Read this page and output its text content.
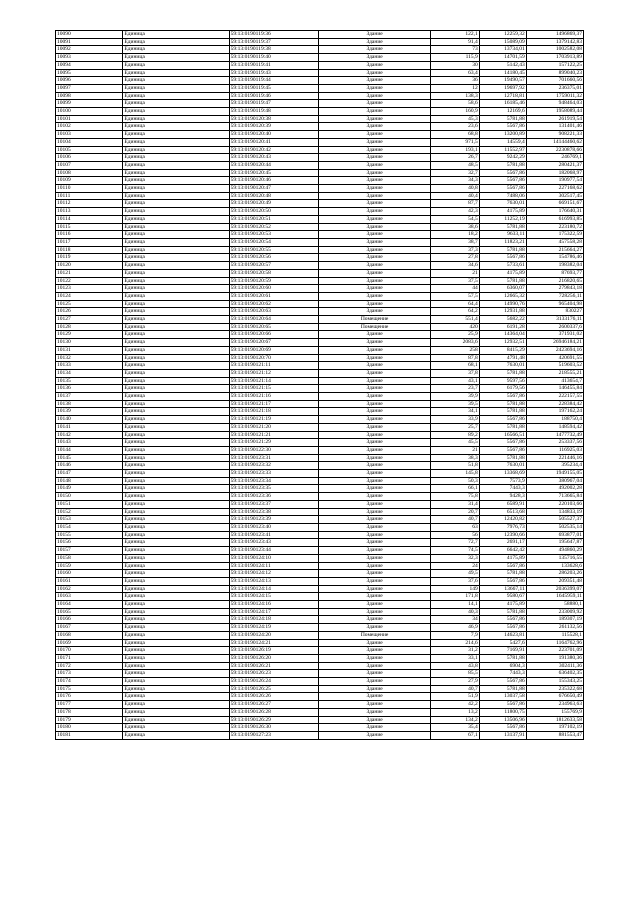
10090	Единица	59:13:0190119:36	Здание	122,1	12259,32	1496869,37
10091	Единица	59:13:0190119:37	Здание	91,4	15089,09	1379142,83
10092	Единица	59:13:0190119:38	Здание	73	13734,01	1002582,08
10093	Единица	59:13:0190119:40	Здание	115,9	14701,59	1703913,89
10094	Единица	59:13:0190119:41	Здание	30	5142,43	157122,25
10095	Единица	59:13:0190119:43	Здание	63,4	14180,45	899040,23
10096	Единица	59:13:0190119:44	Здание	36	19490,57	701660,56
10097	Единица	59:13:0190119:45	Здание	12	19697,92	236375,01
10098	Единица	59:13:0190119:46	Здание	138,3	12718,81	1759011,32
10099	Единица	59:13:0190119:47	Здание	58,6	16185,46	948464,03
10100	Единица	59:13:0190119:48	Здание	160,9	12169,6	1958089,44
10101	Единица	59:13:0190120:38	Здание	45,3	5781,88	261919,54
10102	Единица	59:13:0190120:39	Здание	23,6	5567,86	131401,46
10103	Единица	59:13:0190120:40	Здание	68,8	13200,89	908221,33
10104	Единица	59:13:0190120:41	Здание	971,5	14559,4	14144460,62
10105	Единица	59:13:0190120:42	Здание	193,1	11552,97	2230878,66
10106	Единица	59:13:0190120:43	Здание	26,7	9242,29	246769,1
10107	Единица	59:13:0190120:44	Здание	48,5	5781,88	280421,37
10108	Единица	59:13:0190120:45	Здание	32,7	5567,86	182068,97
10109	Единица	59:13:0190120:46	Здание	34,3	5567,86	190977,54
10110	Единица	59:13:0190120:47	Здание	40,8	5567,86	227168,62
10111	Единица	59:13:0190120:48	Здание	40,4	7488,06	302517,45
10112	Единица	59:13:0190120:49	Здание	87,7	7630,01	669151,67
10113	Единица	59:13:0190120:50	Здание	42,3	4175,89	176640,31
10114	Единица	59:13:0190120:51	Здание	54,5	11252,19	616993,85
10115	Единица	59:13:0190120:52	Здание	38,6	5781,88	223180,72
10116	Единица	59:13:0190120:53	Здание	18,2	9633,11	175322,59
10117	Единица	59:13:0190120:54	Здание	38,7	11823,21	457558,28
10118	Единица	59:13:0190120:55	Здание	37,3	5781,88	215664,27
10119	Единица	59:13:0190120:56	Здание	27,8	5567,86	154786,46
10120	Единица	59:13:0190120:57	Здание	34,6	5733,61	198382,04
10121	Единица	59:13:0190120:58	Здание	21	4175,89	87693,77
10122	Единица	59:13:0190120:59	Здание	37,5	5781,88	216820,65
10123	Единица	59:13:0190120:60	Здание	44	6360,07	279843,18
10124	Единица	59:13:0190120:61	Здание	57,5	12665,32	728256,11
10125	Единица	59:13:0190120:62	Здание	64,4	14990,76	965404,98
10126	Единица	59:13:0190120:63	Здание	64,2	12931,88	830227
10127	Единица	59:13:0190120:64	Помещение	551,4	5682,22	3133176,11
10128	Единица	59:13:0190120:65	Помещение	420	6191,28	2600337,6
10129	Единица	59:13:0190120:66	Здание	25,9	14364,04	371931,02
10130	Единица	59:13:0190120:67	Здание	2083,6	12932,51	26946184,21
10131	Единица	59:13:0190120:69	Здание	258	8415,29	2423694,16
10132	Единица	59:13:0190120:70	Здание	87,8	4791,48	420691,55
10133	Единица	59:13:0190121:11	Здание	68,1	7630,01	519603,52
10134	Единица	59:13:0190121:12	Здание	37,8	5781,88	218555,21
10135	Единица	59:13:0190121:14	Здание	43,1	9597,56	413654,7
10136	Единица	59:13:0190121:15	Здание	23,7	6179,56	146455,84
10137	Единица	59:13:0190121:16	Здание	39,9	5567,86	222157,55
10138	Единица	59:13:0190121:17	Здание	39,5	5781,88	228384,42
10139	Единица	59:13:0190121:18	Здание	34,1	5781,88	197162,24
10140	Единица	59:13:0190121:19	Здание	33,9	5567,86	188750,4
10141	Единица	59:13:0190121:20	Здание	25,7	5781,88	148594,42
10142	Единица	59:13:0190121:21	Здание	89,2	16566,51	1477732,49
10143	Единица	59:13:0190121:29	Здание	45,5	5567,86	253337,56
10144	Единица	59:13:0190122:30	Здание	21	5567,86	116925,03
10145	Единица	59:13:0190123:31	Здание	38,3	5781,88	221446,16
10146	Единица	59:13:0190123:32	Здание	51,8	7630,01	395234,4
10147	Единица	59:13:0190123:33	Здание	145,8	13368,69	1949155,05
10148	Единица	59:13:0190123:34	Здание	50,3	7573,9	380967,04
10149	Единица	59:13:0190123:35	Здание	66,1	7443,3	492002,28
10150	Единица	59:13:0190123:36	Здание	75,8	9428,3	713665,84
10151	Единица	59:13:0190123:37	Здание	31,4	6589,91	220103,66
10152	Единица	59:13:0190123:38	Здание	20,7	6513,68	134833,19
10153	Единица	59:13:0190123:39	Здание	40,7	12420,82	505527,37
10154	Единица	59:13:0190123:40	Здание	63	7976,73	502535,14
10155	Единица	59:13:0190123:41	Здание	56	12390,66	693877,01
10156	Единица	59:13:0190123:43	Здание	72,7	2691,17	195647,87
10157	Единица	59:13:0190123:44	Здание	74,5	6642,42	494860,29
10158	Единица	59:13:0190124:10	Здание	32,3	4175,89	135716,55
10159	Единица	59:13:0190124:11	Здание	24	5567,86	133628,6
10160	Единица	59:13:0190124:12	Здание	49,5	5781,88	286203,26
10161	Единица	59:13:0190124:13	Здание	37,6	5567,86	209351,48
10162	Единица	59:13:0190124:14	Здание	149	13667,11	2036399,07
10163	Единица	59:13:0190124:15	Здание	171,8	9580,67	1645959,11
10164	Единица	59:13:0190124:16	Здание	14,1	4175,89	58880,1
10165	Единица	59:13:0190124:17	Здание	40,3	5781,88	233009,92
10166	Единица	59:13:0190124:18	Здание	34	5567,86	189307,19
10167	Единица	59:13:0190124:19	Здание	46,9	5567,86	261132,56
10168	Единица	59:13:0190124:20	Помещение	7,9	14623,81	115528,1
10169	Единица	59:13:0190124:21	Здание	214,6	5427,6	1164762,96
10170	Единица	59:13:0190126:19	Здание	31,2	7169,91	223701,09
10171	Единица	59:13:0190126:20	Здание	33,1	5781,88	191380,36
10172	Единица	59:13:0190126:21	Здание	43,8	6904,3	302411,36
10173	Единица	59:13:0190126:23	Здание	85,5	7443,3	636402,35
10174	Единица	59:13:0190126:24	Здание	27,9	5567,86	155343,25
10175	Единица	59:13:0190126:25	Здание	40,7	5781,88	235322,68
10176	Единица	59:13:0190126:26	Здание	51,9	13037,58	676650,49
10177	Единица	59:13:0190126:27	Здание	42,2	5567,86	234963,63
10178	Единица	59:13:0190126:28	Здание	13,2	11800,75	155769,9
10179	Единица	59:13:0190126:29	Здание	134,2	13506,96	1812633,58
10180	Единица	59:13:0190126:30	Здание	35,4	5567,86	197102,19
10181	Единица	59:13:0190127:23	Здание	67,1	13137,91	881553,47
